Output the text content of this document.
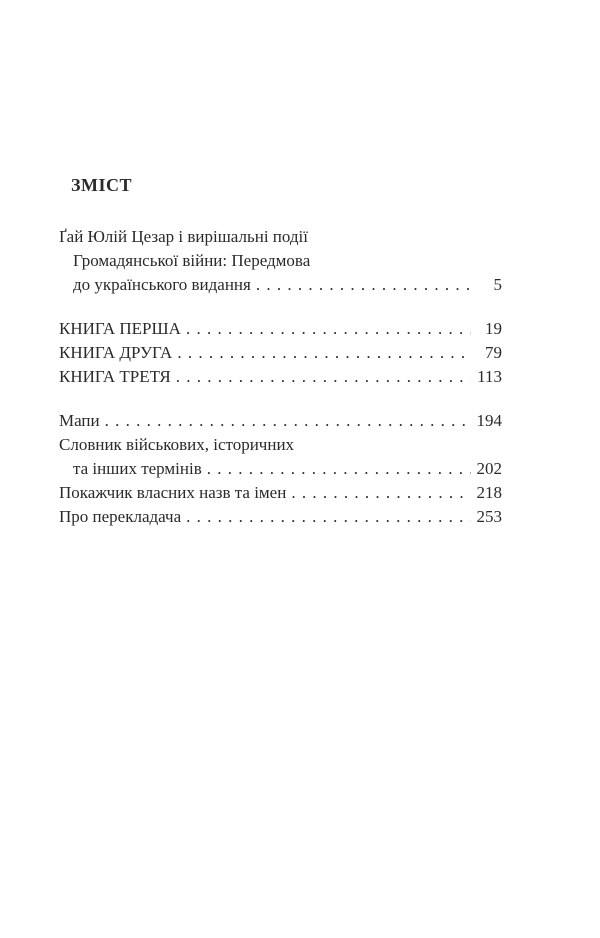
ЗМІСТ
Ґай Юлій Цезар і вирішальні події
Громадянської війни: Передмова
до українського видання . . .	5
КНИГА ПЕРША . . .	19
КНИГА ДРУГА . . .	79
КНИГА ТРЕТЯ . . .	113
Мапи . . .	194
Словник військових, історичних
та інших термінів . . .	202
Покажчик власних назв та імен . . .	218
Про перекладача . . .	253
